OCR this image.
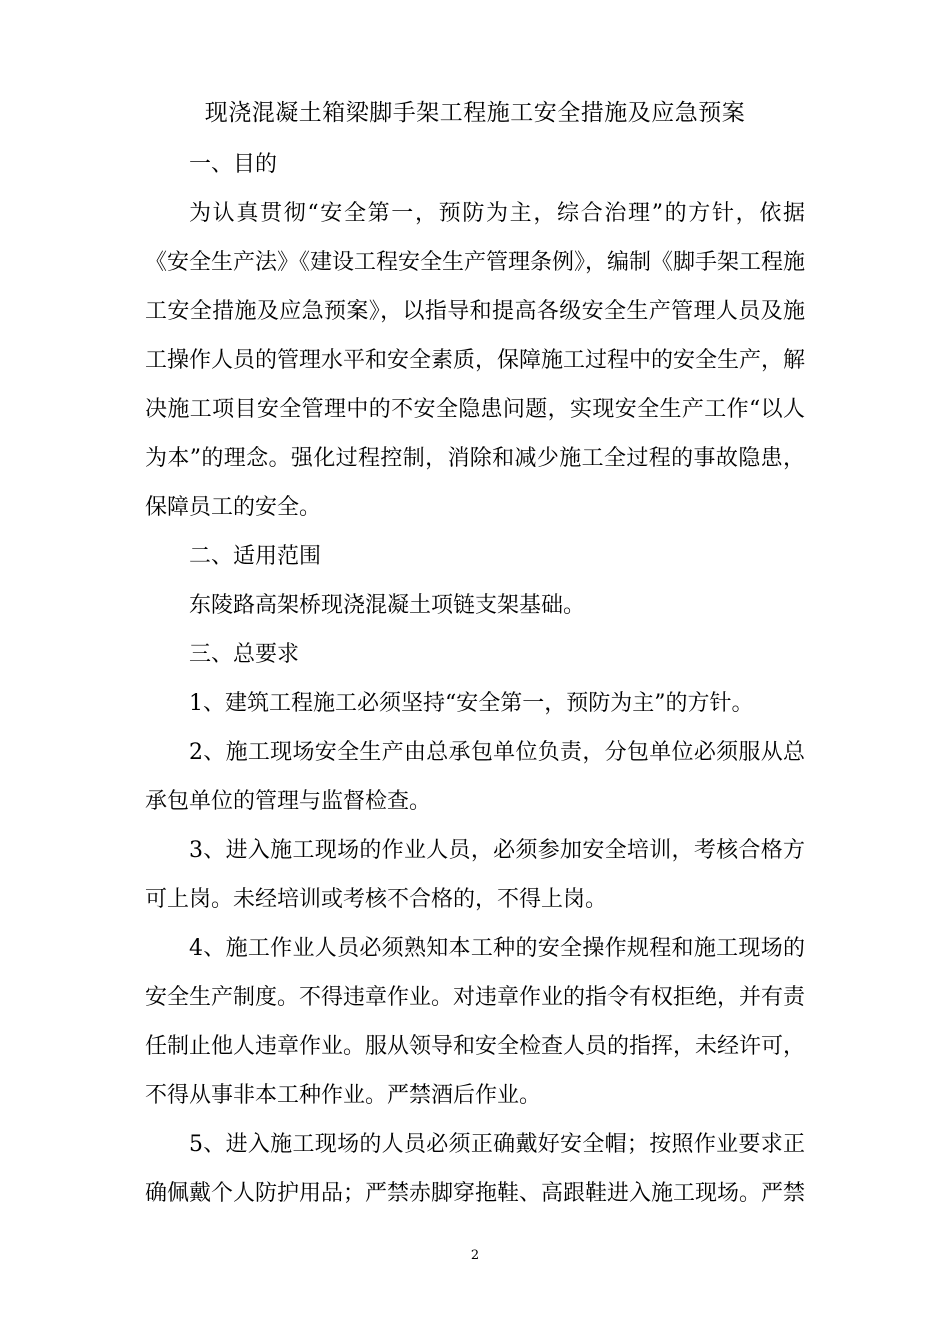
现浇混凝土箱梁脚手架工程施工安全措施及应急预案

一、目的

为认真贯彻“安全第一，预防为主，综合治理”的方针，依据《安全生产法》《建设工程安全生产管理条例》，编制《脚手架工程施工安全措施及应急预案》，以指导和提高各级安全生产管理人员及施工操作人员的管理水平和安全素质，保障施工过程中的安全生产，解决施工项目安全管理中的不安全隐患问题，实现安全生产工作“以人为本”的理念。强化过程控制，消除和减少施工全过程的事故隐患，保障员工的安全。

二、适用范围

东陵路高架桥现浇混凝土项链支架基础。

三、总要求

1、建筑工程施工必须坚持“安全第一，预防为主”的方针。

2、施工现场安全生产由总承包单位负责，分包单位必须服从总承包单位的管理与监督检查。

3、进入施工现场的作业人员，必须参加安全培训，考核合格方可上岗。未经培训或考核不合格的，不得上岗。

4、施工作业人员必须熟知本工种的安全操作规程和施工现场的安全生产制度。不得违章作业。对违章作业的指令有权拒绝，并有责任制止他人违章作业。服从领导和安全检查人员的指挥，未经许可，不得从事非本工种作业。严禁酒后作业。

5、进入施工现场的人员必须正确戴好安全帽；按照作业要求正确佩戴个人防护用品；严禁赤脚穿拖鞋、高跟鞋进入施工现场。严禁

2
